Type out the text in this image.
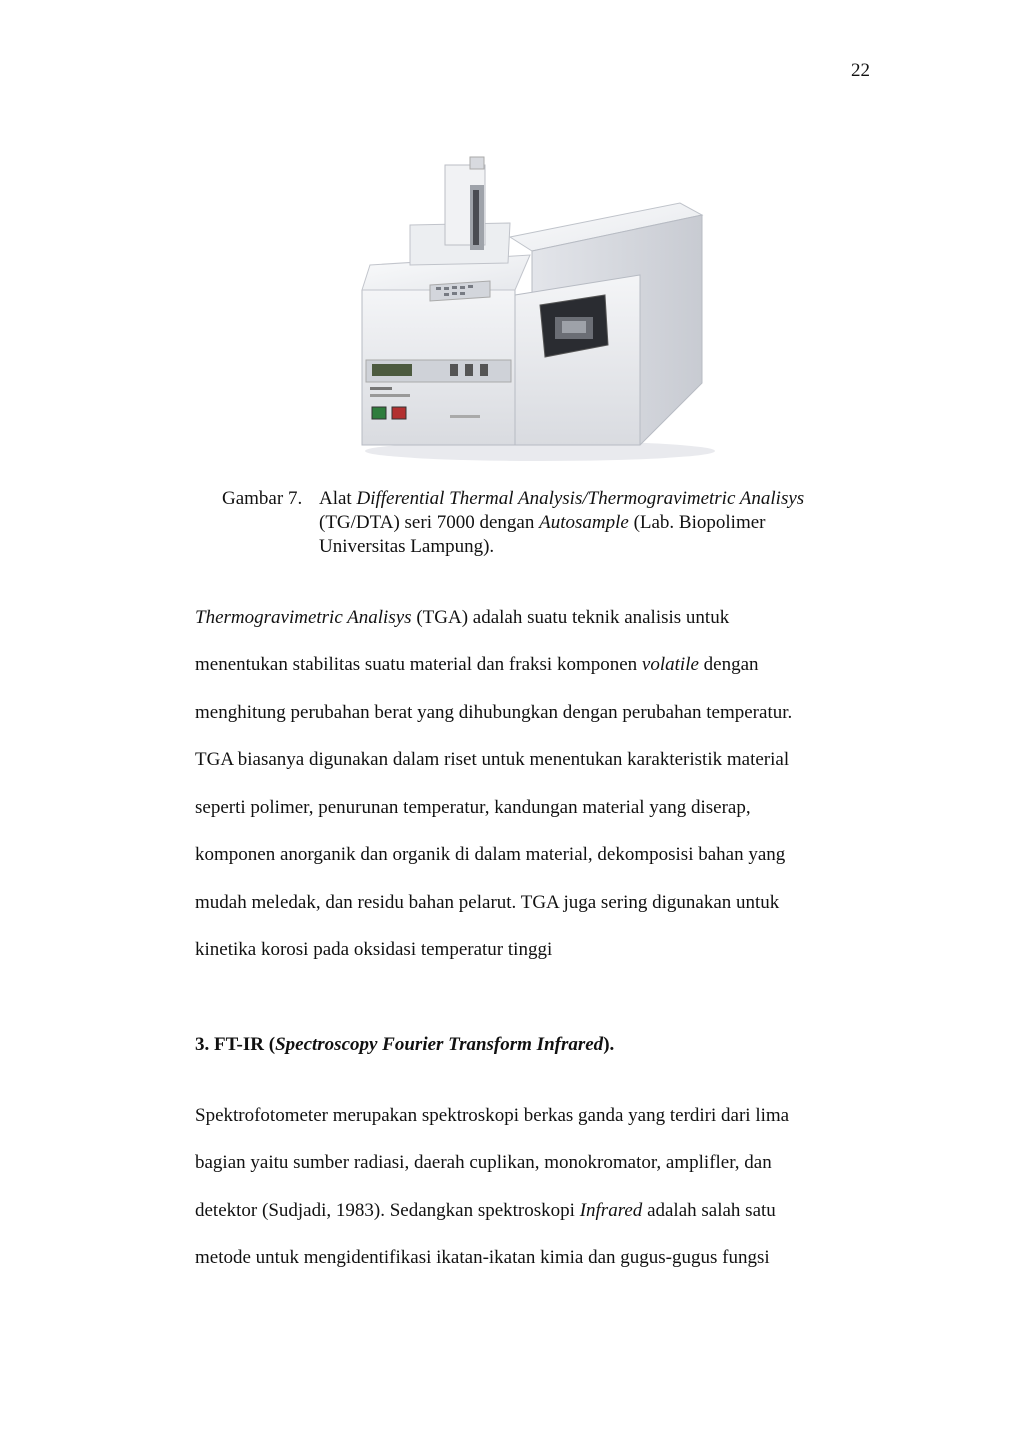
22
Gambar 7. Alat Differential Thermal Analysis/Thermogravimetric Analisys
(TG/DTA) seri 7000 dengan Autosample (Lab. Biopolimer
Universitas Lampung).
Thermogravimetric Analisys (TGA) adalah suatu teknik analisis untuk
menentukan stabilitas suatu material dan fraksi komponen volatile dengan
menghitung perubahan berat yang dihubungkan dengan perubahan temperatur.
TGA biasanya digunakan dalam riset untuk menentukan karakteristik material
seperti polimer, penurunan temperatur, kandungan material yang diserap,
komponen anorganik dan organik di dalam material, dekomposisi bahan yang
mudah meledak, dan residu bahan pelarut. TGA juga sering digunakan untuk
kinetika korosi pada oksidasi temperatur tinggi
3. FT-IR (Spectroscopy Fourier Transform Infrared).
Spektrofotometer merupakan spektroskopi berkas ganda yang terdiri dari lima
bagian yaitu sumber radiasi, daerah cuplikan, monokromator, amplifler, dan
detektor (Sudjadi, 1983). Sedangkan spektroskopi Infrared adalah salah satu
metode untuk mengidentifikasi ikatan-ikatan kimia dan gugus-gugus fungsi
